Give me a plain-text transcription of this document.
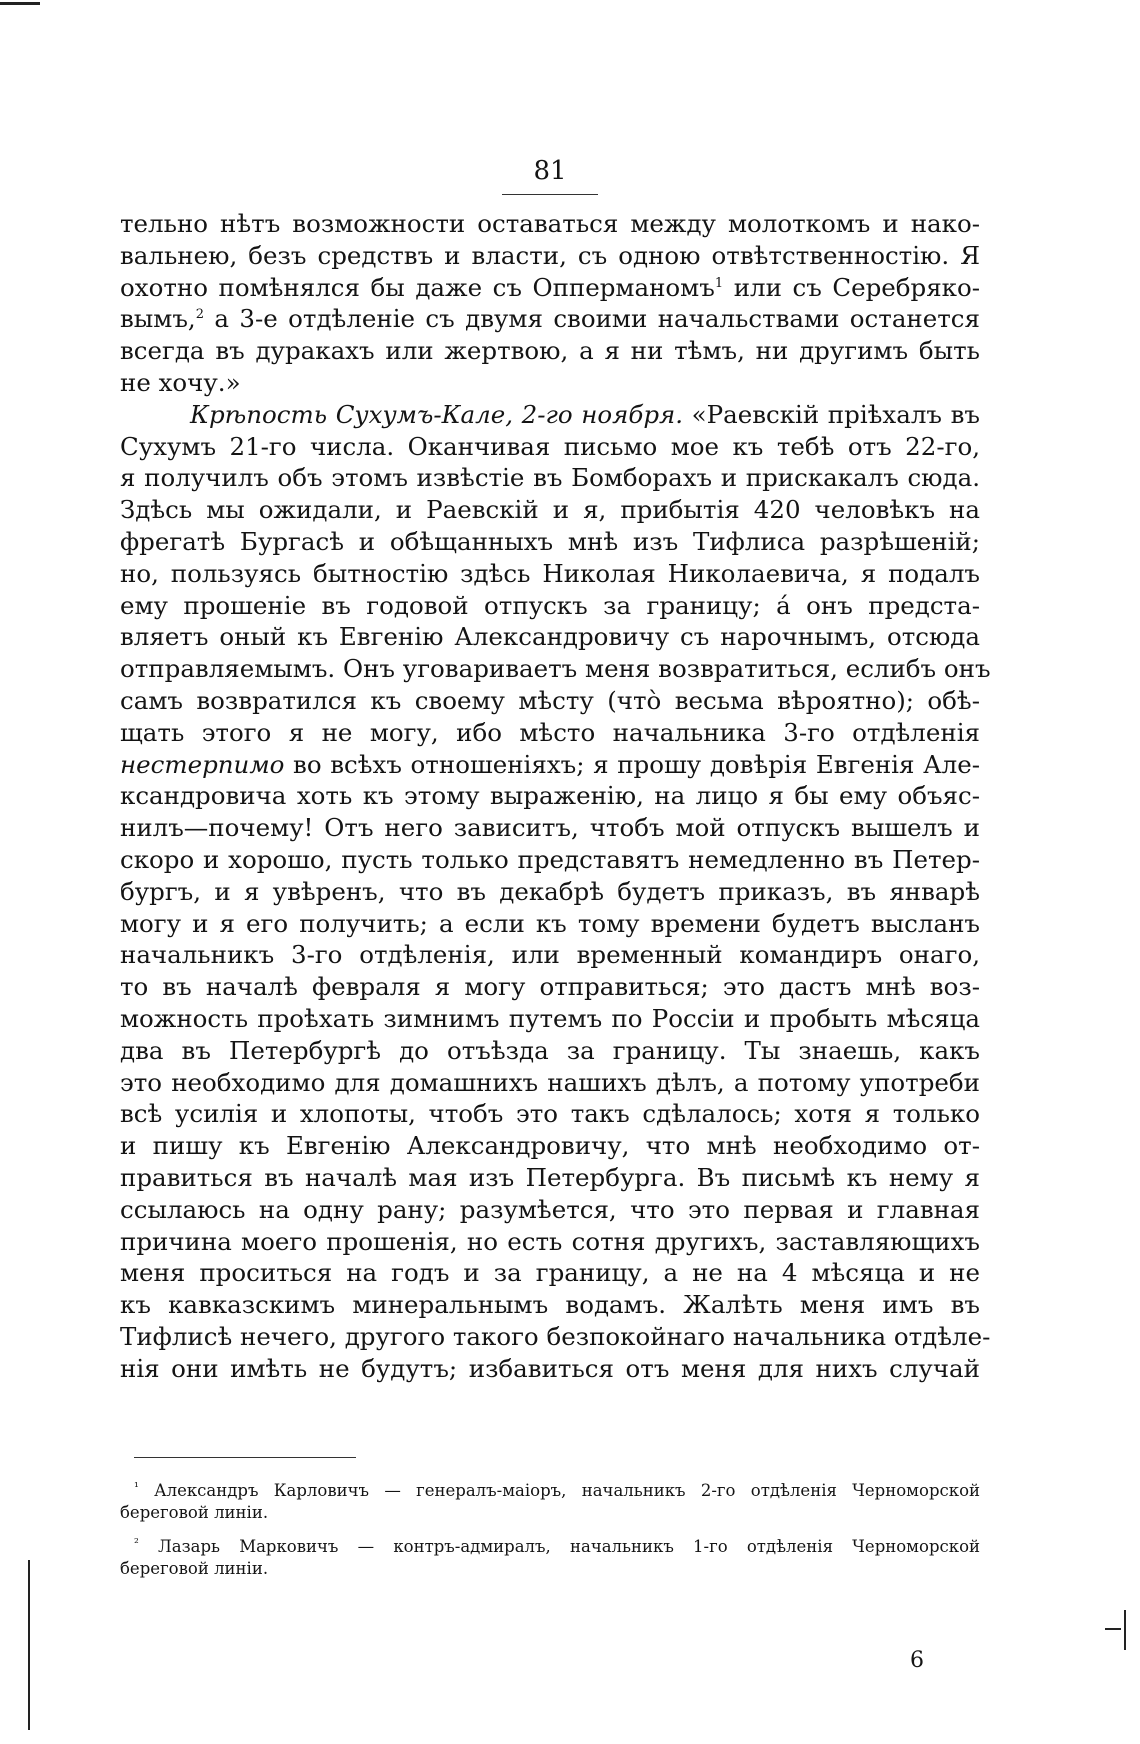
81
тельно нѣтъ возможности оставаться между молоткомъ и нако-
вальнею, безъ средствъ и власти, съ одною отвѣтственностію. Я
охотно помѣнялся бы даже съ Опперманомъ$^1$ или съ Серебряко-
вымъ,$^2$ а 3-е отдѣленіе съ двумя своими начальствами останется
всегда въ дуракахъ или жертвою, а я ни тѣмъ, ни другимъ быть
не хочу.»
Крѣпость Сухумъ-Кале, 2-го ноября. «Раевскій пріѣхалъ въ
Сухумъ 21-го числа. Оканчивая письмо мое къ тебѣ отъ 22-го,
я получилъ объ этомъ извѣстіе въ Бомборахъ и прискакалъ сюда.
Здѣсь мы ожидали, и Раевскій и я, прибытія 420 человѣкъ на
фрегатѣ Бургасѣ и обѣщанныхъ мнѣ изъ Тифлиса разрѣшеній;
но, пользуясь бытностію здѣсь Николая Николаевича, я подалъ
ему прошеніе въ годовой отпускъ за границу; а́ онъ предста-
вляетъ оный къ Евгенію Александровичу съ нарочнымъ, отсюда
отправляемымъ. Онъ уговариваетъ меня возвратиться, еслибъ онъ
самъ возвратился къ своему мѣсту (что̀ весьма вѣроятно); обѣ-
щать этого я не могу, ибо мѣсто начальника 3-го отдѣленія
нестерпимо во всѣхъ отношеніяхъ; я прошу довѣрія Евгенія Але-
ксандровича хоть къ этому выраженію, на лицо я бы ему объяс-
нилъ—почему! Отъ него зависитъ, чтобъ мой отпускъ вышелъ и
скоро и хорошо, пусть только представятъ немедленно въ Петер-
бургъ, и я увѣренъ, что въ декабрѣ будетъ приказъ, въ январѣ
могу и я его получить; а если къ тому времени будетъ высланъ
начальникъ 3-го отдѣленія, или временный командиръ онаго,
то въ началѣ февраля я могу отправиться; это дастъ мнѣ воз-
можность проѣхать зимнимъ путемъ по Россіи и пробыть мѣсяца
два въ Петербургѣ до отъѣзда за границу. Ты знаешь, какъ
это необходимо для домашнихъ нашихъ дѣлъ, а потому употреби
всѣ усилія и хлопоты, чтобъ это такъ сдѣлалось; хотя я только
и пишу къ Евгенію Александровичу, что мнѣ необходимо от-
правиться въ началѣ мая изъ Петербурга. Въ письмѣ къ нему я
ссылаюсь на одну рану; разумѣется, что это первая и главная
причина моего прошенія, но есть сотня другихъ, заставляющихъ
меня проситься на годъ и за границу, а не на 4 мѣсяца и не
къ кавказскимъ минеральнымъ водамъ. Жалѣть меня имъ въ
Тифлисѣ нечего, другого такого безпокойнаго начальника отдѣле-
нія они имѣть не будутъ; избавиться отъ меня для нихъ случай
$^{^1}$ Александръ Карловичъ — генералъ-маіоръ, начальникъ 2-го отдѣленія Черноморской
береговой линіи.
$^{^2}$ Лазарь Марковичъ — контръ-адмиралъ, начальникъ 1-го отдѣленія Черноморской
береговой линіи.
6
